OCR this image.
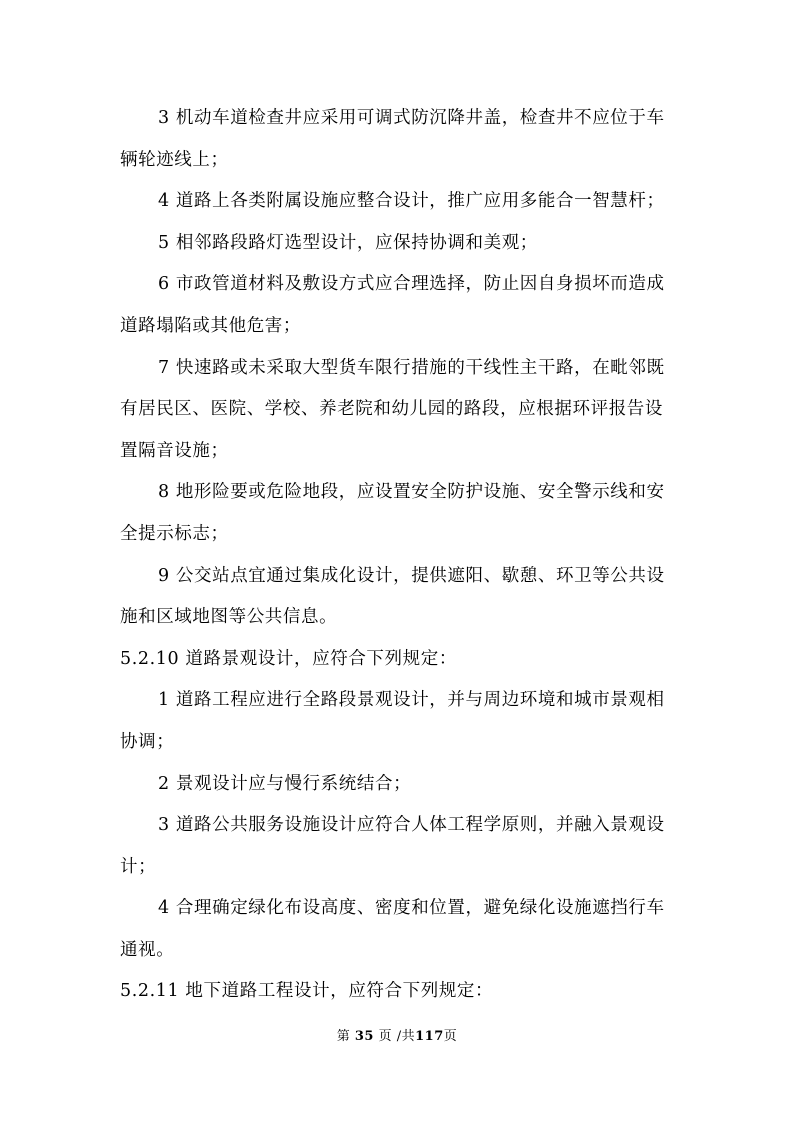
3 机动车道检查井应采用可调式防沉降井盖，检查井不应位于车
辆轮迹线上；
4 道路上各类附属设施应整合设计，推广应用多能合一智慧杆；
5 相邻路段路灯选型设计，应保持协调和美观；
6 市政管道材料及敷设方式应合理选择，防止因自身损坏而造成
道路塌陷或其他危害；
7 快速路或未采取大型货车限行措施的干线性主干路，在毗邻既
有居民区、医院、学校、养老院和幼儿园的路段，应根据环评报告设
置隔音设施；
8 地形险要或危险地段，应设置安全防护设施、安全警示线和安
全提示标志；
9 公交站点宜通过集成化设计，提供遮阳、歇憩、环卫等公共设
施和区域地图等公共信息。
5.2.10 道路景观设计，应符合下列规定：
1 道路工程应进行全路段景观设计，并与周边环境和城市景观相
协调；
2 景观设计应与慢行系统结合；
3 道路公共服务设施设计应符合人体工程学原则，并融入景观设
计；
4 合理确定绿化布设高度、密度和位置，避免绿化设施遮挡行车
通视。
5.2.11 地下道路工程设计，应符合下列规定：
第 35 页 /共117页
